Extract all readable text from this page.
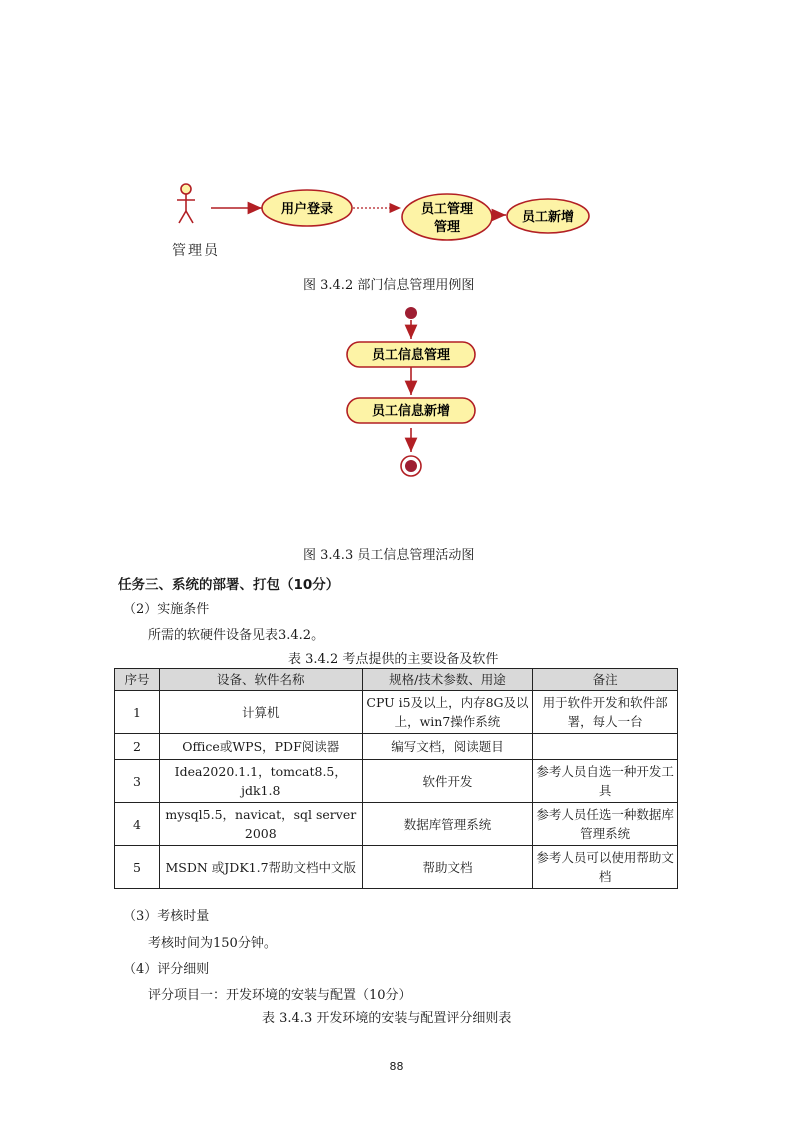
用户登录	员工管理
管理
员工新增
管理员
图 3.4.2 部门信息管理用例图
员工信息管理
员工信息新增
图 3.4.3 员工信息管理活动图
任务三、系统的部署、打包（10分）
（2）实施条件
所需的软硬件设备见表3.4.2。
表 3.4.2 考点提供的主要设备及软件
序号	设备、软件名称	规格/技术参数、用途	备注
1	计算机	CPU i5及以上，内存8G及以上，win7操作系统	用于软件开发和软件部署，每人一台
2	Office或WPS，PDF阅读器	编写文档，阅读题目	
3	Idea2020.1.1，tomcat8.5，jdk1.8	软件开发	参考人员自选一种开发工具
4	mysql5.5，navicat，sql server 2008	数据库管理系统	参考人员任选一种数据库管理系统
5	MSDN 或JDK1.7帮助文档中文版	帮助文档	参考人员可以使用帮助文档
（3）考核时量
考核时间为150分钟。
（4）评分细则
评分项目一：开发环境的安装与配置（10分）
表 3.4.3 开发环境的安装与配置评分细则表
88
